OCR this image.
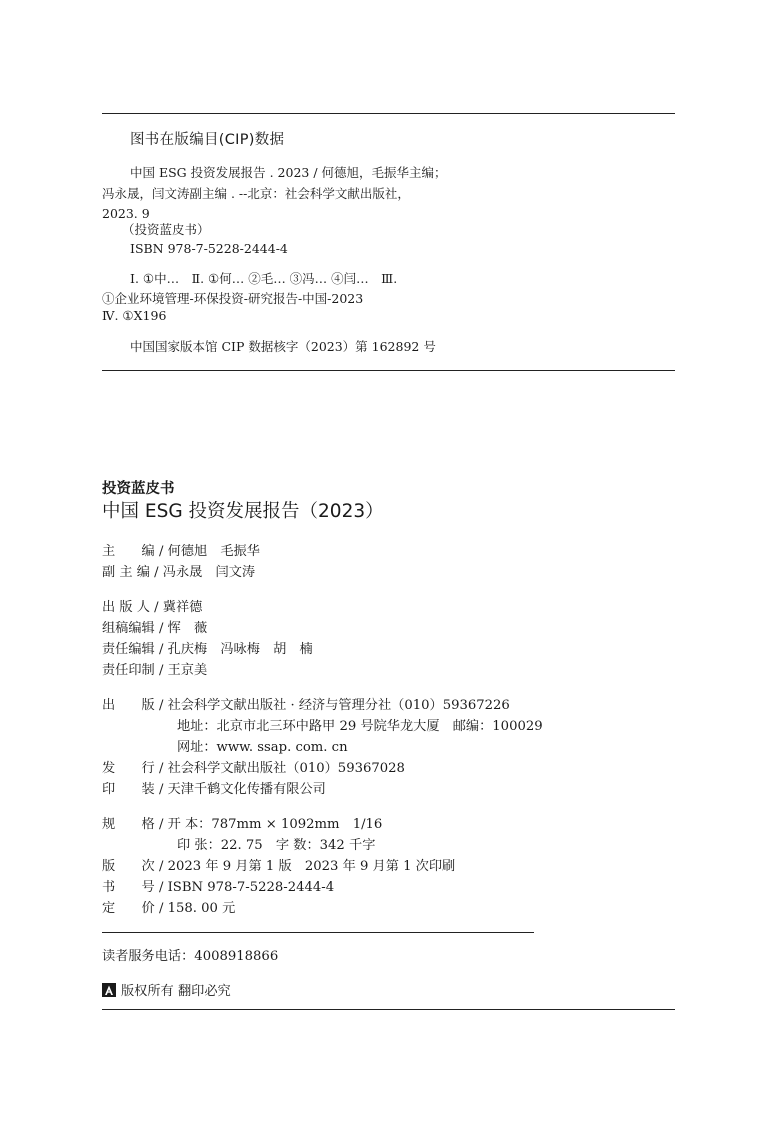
图书在版编目(CIP)数据
中国 ESG 投资发展报告 . 2023 / 何德旭，毛振华主编；
冯永晟，闫文涛副主编 . --北京：社会科学文献出版社，
2023. 9
（投资蓝皮书）
ISBN 978-7-5228-2444-4
Ⅰ. ①中…　Ⅱ. ①何… ②毛… ③冯… ④闫…　Ⅲ.
①企业环境管理-环保投资-研究报告-中国-2023
Ⅳ. ①X196
中国国家版本馆 CIP 数据核字（2023）第 162892 号
投资蓝皮书
中国 ESG 投资发展报告（2023）
主　　编 / 何德旭　毛振华
副 主 编 / 冯永晟　闫文涛
出 版 人 / 冀祥德
组稿编辑 / 恽　薇
责任编辑 / 孔庆梅　冯咏梅　胡　楠
责任印制 / 王京美
出　　版 / 社会科学文献出版社 · 经济与管理分社（010）59367226
地址：北京市北三环中路甲 29 号院华龙大厦　邮编：100029
网址：www. ssap. com. cn
发　　行 / 社会科学文献出版社（010）59367028
印　　装 / 天津千鹤文化传播有限公司
规　　格 / 开 本：787mm × 1092mm　1/16
印 张：22. 75　字 数：342 千字
版　　次 / 2023 年 9 月第 1 版　2023 年 9 月第 1 次印刷
书　　号 / ISBN 978-7-5228-2444-4
定　　价 / 158. 00 元
读者服务电话：4008918866
版权所有 翻印必究
